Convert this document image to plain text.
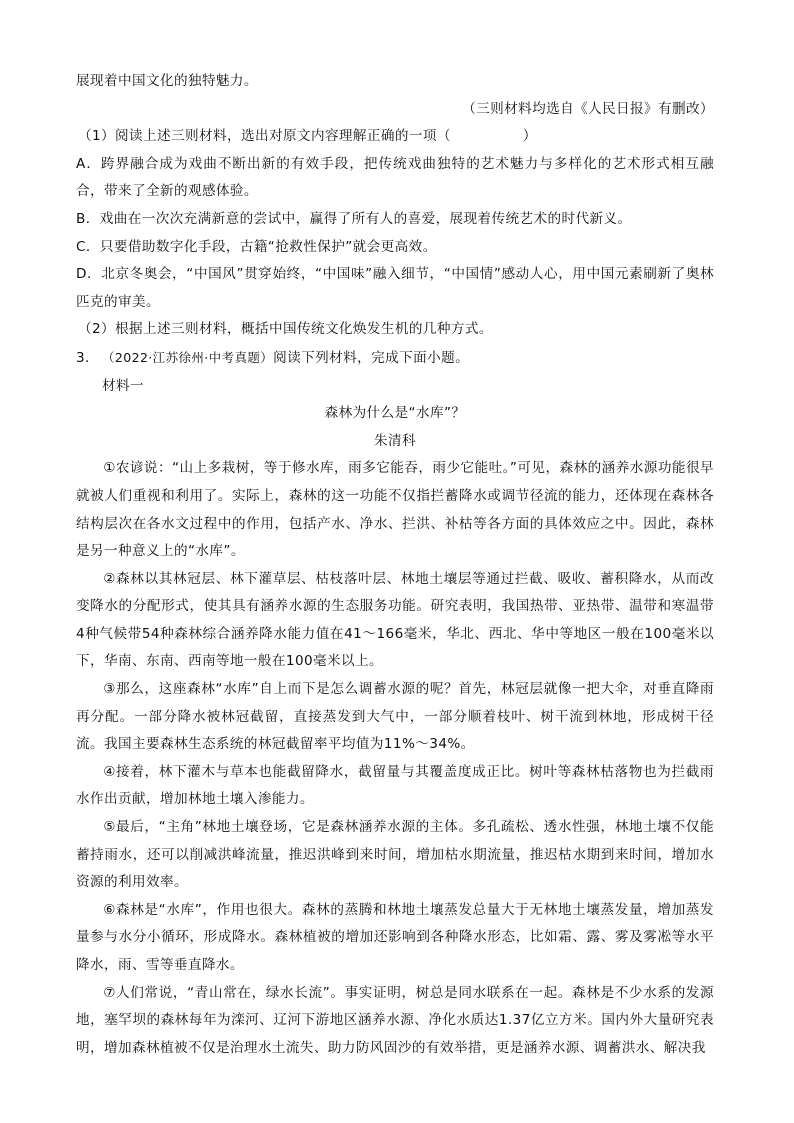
展现着中国文化的独特魅力。
（三则材料均选自《人民日报》有删改）

（1）阅读上述三则材料，选出对原文内容理解正确的一项（	）

A．跨界融合成为戏曲不断出新的有效手段，把传统戏曲独特的艺术魅力与多样化的艺术形式相互融合，带来了全新的观感体验。

B．戏曲在一次次充满新意的尝试中，赢得了所有人的喜爱，展现着传统艺术的时代新义。

C．只要借助数字化手段，古籍“抢救性保护”就会更高效。

D．北京冬奥会，“中国风”贯穿始终，“中国味”融入细节，“中国情”感动人心，用中国元素刷新了奥林匹克的审美。

（2）根据上述三则材料，概括中国传统文化焕发生机的几种方式。

3. （2022·江苏徐州·中考真题）阅读下列材料，完成下面小题。
材料一
森林为什么是“水库”？
朱清科

①农谚说：“山上多栽树，等于修水库，雨多它能吞，雨少它能吐。”可见，森林的涵养水源功能很早就被人们重视和利用了。实际上，森林的这一功能不仅指拦蓄降水或调节径流的能力，还体现在森林各结构层次在各水文过程中的作用，包括产水、净水、拦洪、补枯等各方面的具体效应之中。因此，森林是另一种意义上的“水库”。

②森林以其林冠层、林下灌草层、枯枝落叶层、林地土壤层等通过拦截、吸收、蓄积降水，从而改变降水的分配形式，使其具有涵养水源的生态服务功能。研究表明，我国热带、亚热带、温带和寒温带4种气候带54种森林综合涵养降水能力值在41～166毫米，华北、西北、华中等地区一般在100毫米以下，华南、东南、西南等地一般在100毫米以上。

③那么，这座森林“水库”自上而下是怎么调蓄水源的呢？首先，林冠层就像一把大伞，对垂直降雨再分配。一部分降水被林冠截留，直接蒸发到大气中，一部分顺着枝叶、树干流到林地，形成树干径流。我国主要森林生态系统的林冠截留率平均值为11%～34%。

④接着，林下灌木与草本也能截留降水，截留量与其覆盖度成正比。树叶等森林枯落物也为拦截雨水作出贡献，增加林地土壤入渗能力。

⑤最后，“主角”林地土壤登场，它是森林涵养水源的主体。多孔疏松、透水性强，林地土壤不仅能蓄持雨水，还可以削减洪峰流量，推迟洪峰到来时间，增加枯水期流量，推迟枯水期到来时间，增加水资源的利用效率。

⑥森林是“水库”，作用也很大。森林的蒸腾和林地土壤蒸发总量大于无林地土壤蒸发量，增加蒸发量参与水分小循环，形成降水。森林植被的增加还影响到各种降水形态，比如霜、露、雾及雾凇等水平降水，雨、雪等垂直降水。

⑦人们常说，“青山常在，绿水长流”。事实证明，树总是同水联系在一起。森林是不少水系的发源地，塞罕坝的森林每年为滦河、辽河下游地区涵养水源、净化水质达1.37亿立方米。国内外大量研究表明，增加森林植被不仅是治理水土流失、助力防风固沙的有效举措，更是涵养水源、调蓄洪水、解决我
